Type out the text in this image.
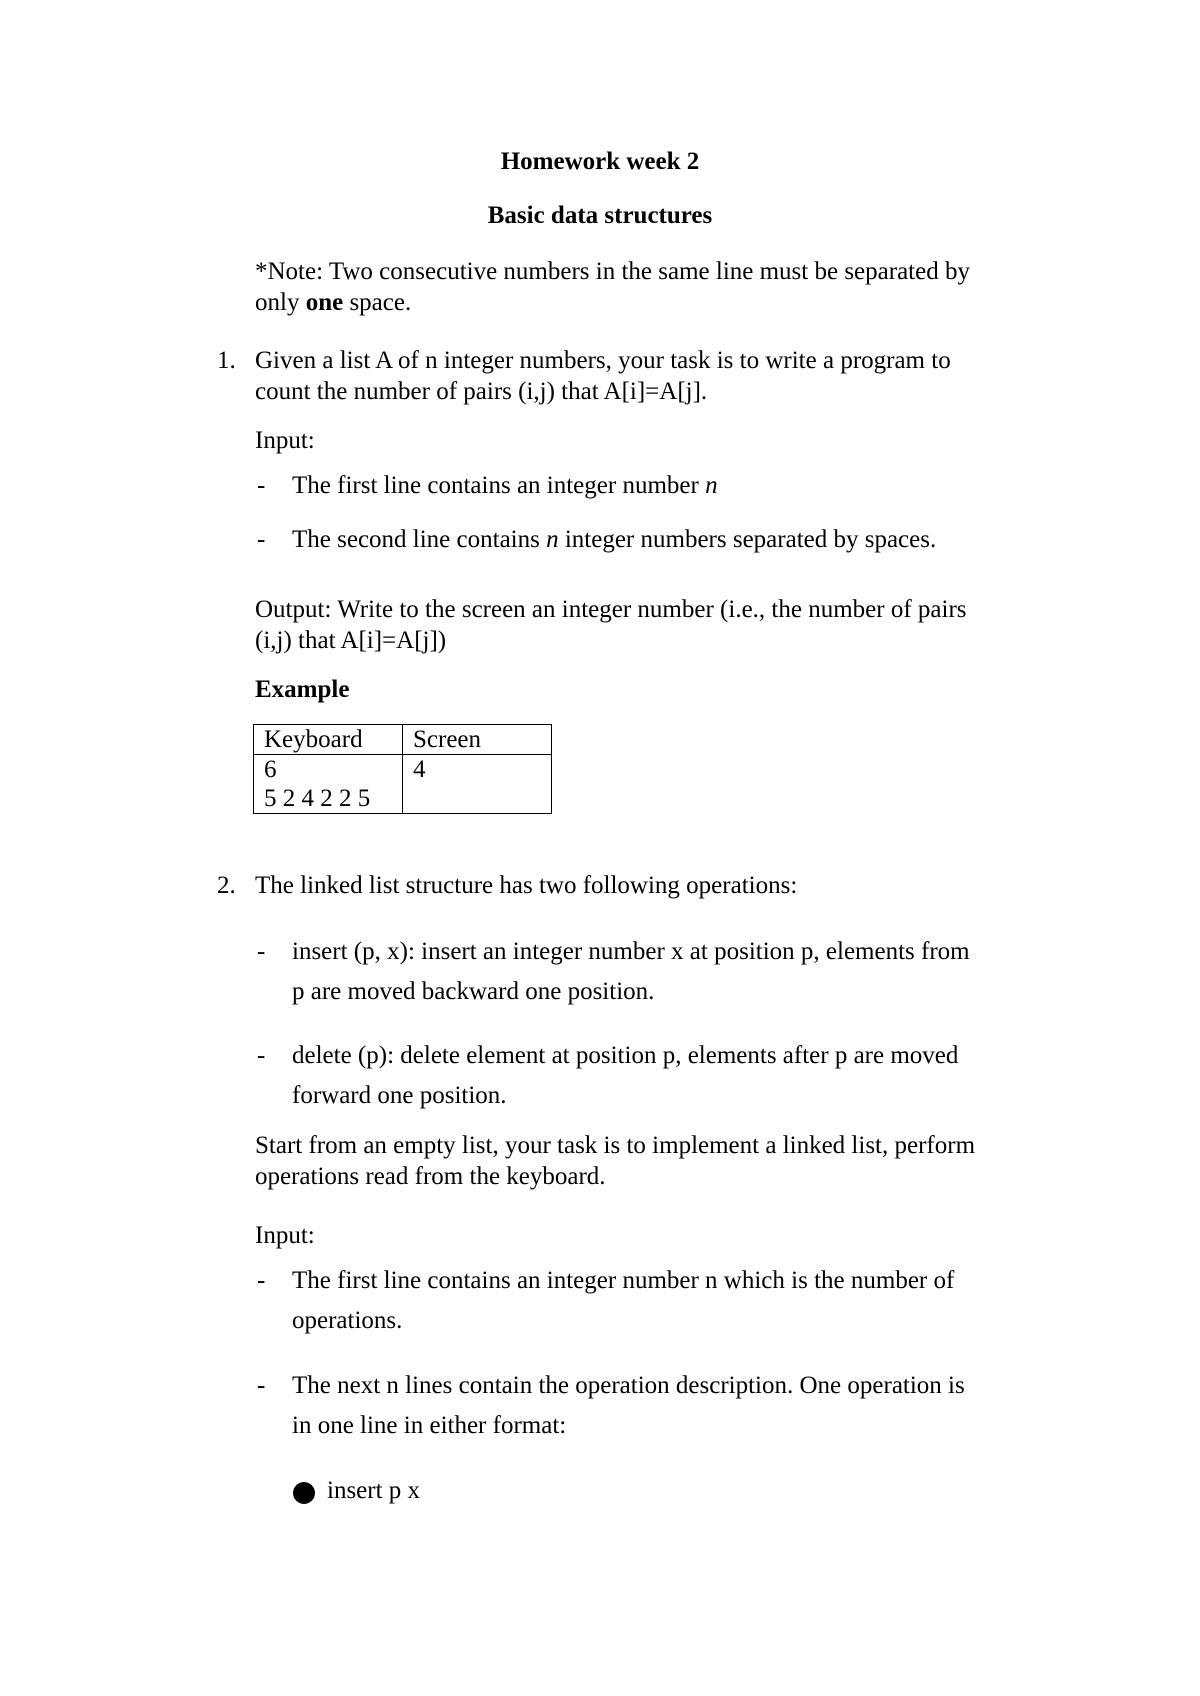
Homework week 2
Basic data structures
*Note: Two consecutive numbers in the same line must be separated by
only one space.
1. Given a list A of n integer numbers, your task is to write a program to
count the number of pairs (i,j) that A[i]=A[j].
Input:
- The first line contains an integer number n
- The second line contains n integer numbers separated by spaces.
Output: Write to the screen an integer number (i.e., the number of pairs
(i,j) that A[i]=A[j])
Example
Keyboard	Screen

6
5 2 4 2 2 5	4
2. The linked list structure has two following operations:
- insert (p, x): insert an integer number x at position p, elements from
p are moved backward one position.
- delete (p): delete element at position p, elements after p are moved
forward one position.
Start from an empty list, your task is to implement a linked list, perform
operations read from the keyboard.
Input:
- The first line contains an integer number n which is the number of
operations.
- The next n lines contain the operation description. One operation is
in one line in either format:
insert p x
